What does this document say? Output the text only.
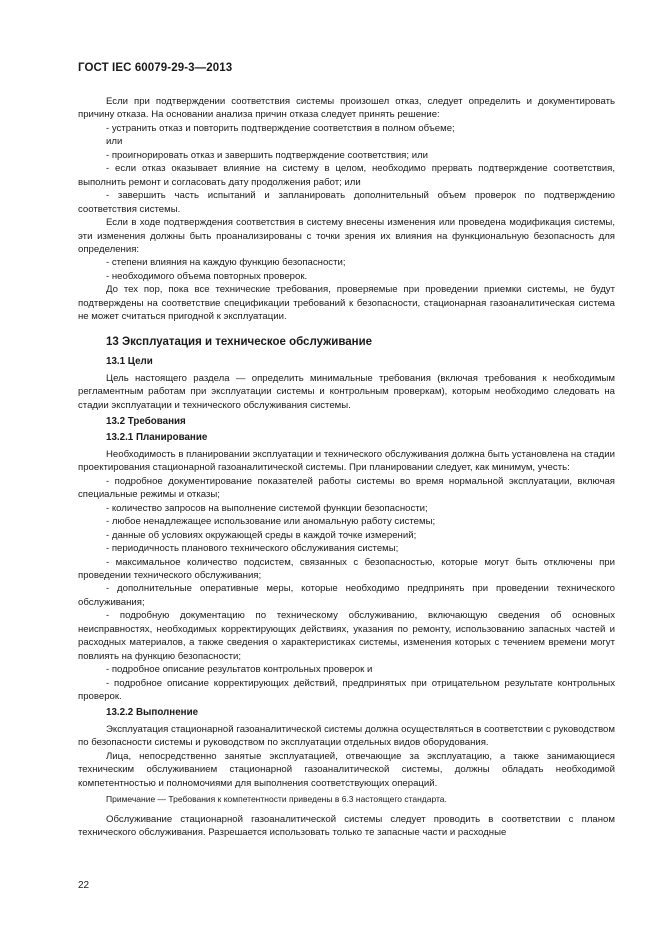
ГОСТ IEC 60079-29-3—2013

Если при подтверждении соответствия системы произошел отказ, следует определить и документировать причину отказа. На основании анализа причин отказа следует принять решение:

- устранить отказ и повторить подтверждение соответствия в полном объеме;

или

- проигнорировать отказ и завершить подтверждение соответствия; или

- если отказ оказывает влияние на систему в целом, необходимо прервать подтверждение соответствия, выполнить ремонт и согласовать дату продолжения работ; или

- завершить часть испытаний и запланировать дополнительный объем проверок по подтверждению соответствия системы.

Если в ходе подтверждения соответствия в систему внесены изменения или проведена модификация системы, эти изменения должны быть проанализированы с точки зрения их влияния на функциональную безопасность для определения:

- степени влияния на каждую функцию безопасности;

- необходимого объема повторных проверок.

До тех пор, пока все технические требования, проверяемые при проведении приемки системы, не будут подтверждены на соответствие спецификации требований к безопасности, стационарная газоаналитическая система не может считаться пригодной к эксплуатации.

13 Эксплуатация и техническое обслуживание

13.1 Цели

Цель настоящего раздела — определить минимальные требования (включая требования к необходимым регламентным работам при эксплуатации системы и контрольным проверкам), которым необходимо следовать на стадии эксплуатации и технического обслуживания системы.

13.2 Требования

13.2.1 Планирование

Необходимость в планировании эксплуатации и технического обслуживания должна быть установлена на стадии проектирования стационарной газоаналитической системы. При планировании следует, как минимум, учесть:

- подробное документирование показателей работы системы во время нормальной эксплуатации, включая специальные режимы и отказы;

- количество запросов на выполнение системой функции безопасности;

- любое ненадлежащее использование или аномальную работу системы;

- данные об условиях окружающей среды в каждой точке измерений;

- периодичность планового технического обслуживания системы;

- максимальное количество подсистем, связанных с безопасностью, которые могут быть отключены при проведении технического обслуживания;

- дополнительные оперативные меры, которые необходимо предпринять при проведении технического обслуживания;

- подробную документацию по техническому обслуживанию, включающую сведения об основных неисправностях, необходимых корректирующих действиях, указания по ремонту, использованию запасных частей и расходных материалов, а также сведения о характеристиках системы, изменения которых с течением времени могут повлиять на функцию безопасности;

- подробное описание результатов контрольных проверок и

- подробное описание корректирующих действий, предпринятых при отрицательном результате контрольных проверок.

13.2.2 Выполнение

Эксплуатация стационарной газоаналитической системы должна осуществляться в соответствии с руководством по безопасности системы и руководством по эксплуатации отдельных видов оборудования.

Лица, непосредственно занятые эксплуатацией, отвечающие за эксплуатацию, а также занимающиеся техническим обслуживанием стационарной газоаналитической системы, должны обладать необходимой компетентностью и полномочиями для выполнения соответствующих операций.

Примечание — Требования к компетентности приведены в 6.3 настоящего стандарта.

Обслуживание стационарной газоаналитической системы следует проводить в соответствии с планом технического обслуживания. Разрешается использовать только те запасные части и расходные

22
